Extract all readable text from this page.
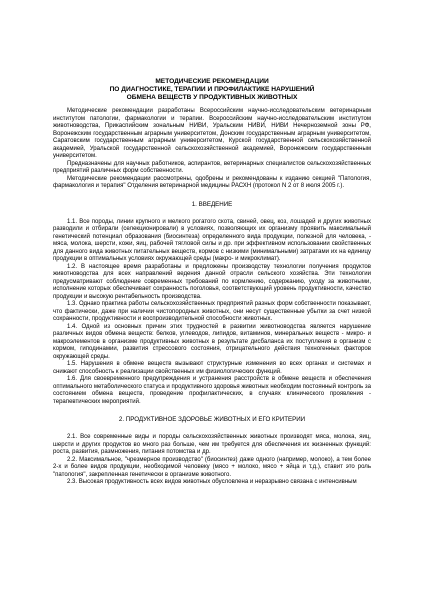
МЕТОДИЧЕСКИЕ РЕКОМЕНДАЦИИ

ПО ДИАГНОСТИКЕ, ТЕРАПИИ И ПРОФИЛАКТИКЕ НАРУШЕНИЙ

ОБМЕНА ВЕЩЕСТВ У ПРОДУКТИВНЫХ ЖИВОТНЫХ

Методические рекомендации разработаны Всероссийским научно-исследовательским ветеринарным институтом патологии, фармакологии и терапии. Всероссийским научно-исследовательским институтом животноводства, Прикаспийским зональным НИВИ, Уральским НИВИ, НИВИ Нечерноземной зоны РФ, Воронежским государственным аграрным университетом, Донским государственным аграрным университетом, Саратовским государственным аграрным университетом, Курской государственной сельскохозяйственной академией, Уральской государственной сельскохозяйственной академией, Воронежским государственным университетом.

Предназначены для научных работников, аспирантов, ветеринарных специалистов сельскохозяйственных предприятий различных форм собственности.

Методические рекомендации рассмотрены, одобрены и рекомендованы к изданию секцией "Патология, фармакология и терапия" Отделения ветеринарной медицины РАСХН (протокол N 2 от 8 июля 2005 г.).

1. ВВЕДЕНИЕ

1.1. Все породы, линии крупного и мелкого рогатого скота, свиней, овец, коз, лошадей и других животных разводили и отбирали (селекционировали) в условиях, позволяющих их организму проявить максимальный генетический потенциал образования (биосинтеза) определенного вида продукции, полезной для человека, - мяса, молока, шерсти, кожи, яиц, рабочей тягловой силы и др. при эффективном использовании свойственных для данного вида животных питательных веществ, кормов с низкими (минимальными) затратами их на единицу продукции в оптимальных условиях окружающей среды (макро- и микроклимат).

1.2. В настоящее время разработаны и предложены производству технологии получения продуктов животноводства для всех направлений ведения данной отрасли сельского хозяйства. Эти технологии предусматривают соблюдение современных требований по кормлению, содержанию, уходу за животными, исполнение которых обеспечивает сохранность поголовья, соответствующий уровень продуктивности, качество продукции и высокую рентабельность производства.

1.3. Однако практика работы сельскохозяйственных предприятий разных форм собственности показывает, что фактически, даже при наличии чистопородных животных, они несут существенные убытки за счет низкой сохранности, продуктивности и воспроизводительной способности животных.

1.4. Одной из основных причин этих трудностей в развитии животноводства является нарушение различных видов обмена веществ: белков, углеводов, липидов, витаминов, минеральных веществ - микро- и макроэлементов в организме продуктивных животных в результате дисбаланса их поступления в организм с кормом, гиподинамии, развития стрессового состояния, отрицательного действия техногенных факторов окружающей среды.

1.5. Нарушения в обмене веществ вызывают структурные изменения во всех органах и системах и снижают способность к реализации свойственных им физиологических функций.

1.6. Для своевременного предупреждения и устранения расстройств в обмене веществ и обеспечения оптимального метаболического статуса и продуктивного здоровья животных необходим постоянный контроль за состоянием обмена веществ, проведение профилактических, в случаях клинического проявления - терапевтических мероприятий.

2. ПРОДУКТИВНОЕ ЗДОРОВЬЕ ЖИВОТНЫХ И ЕГО КРИТЕРИИ

2.1. Все современные виды и породы сельскохозяйственных животных производят мяса, молока, яиц, шерсти и других продуктов во много раз больше, чем им требуется для обеспечения их жизненных функций: роста, развития, размножения, питания потомства и др.

2.2. Максимальное, "чрезмерное производство" (биосинтез) даже одного (например, молоко), а тем более 2-х и более видов продукции, необходимой человеку (мясо + молоко, мясо + яйца и т.д.), ставит это роль "патология", закрепленная генетически в организме животного.

2.3. Высокая продуктивность всех видов животных обусловлена и неразрывно связана с интенсивным
